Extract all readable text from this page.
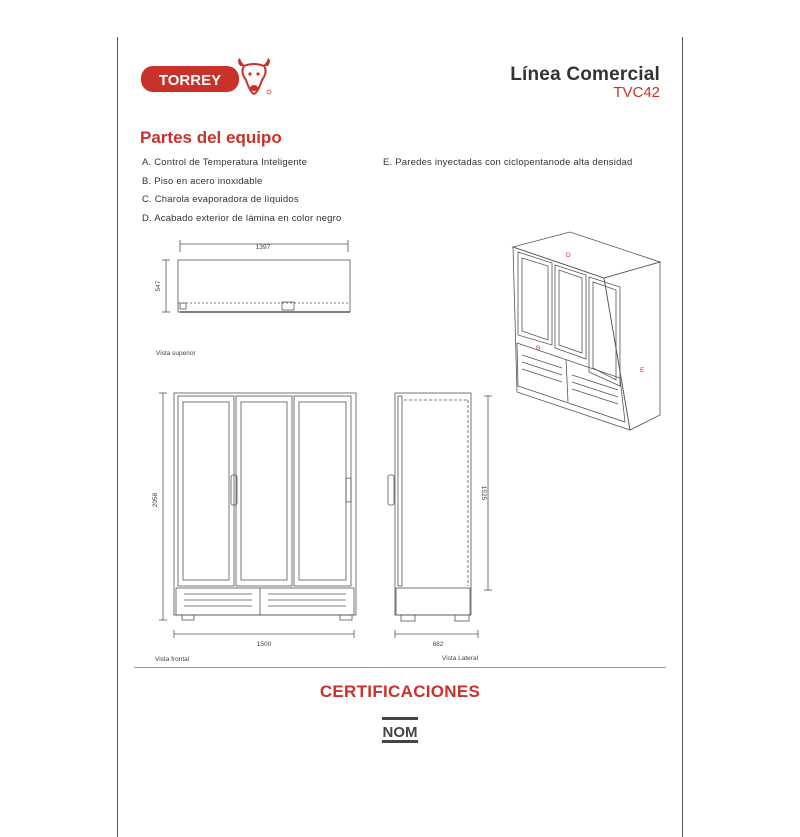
TORREY	Línea Comercial
TVC42
Partes del equipo
A. Control de Temperatura Inteligente
B. Piso en acero inoxidable
C. Charola evaporadora de líquidos
D. Acabado exterior de lámina en color negro
E. Paredes inyectadas con ciclopentanode alta densidad
D
B
E
1397
547
2058
1500
1525
682
Vista superior
Vista frontal	Vista Lateral
CERTIFICACIONES
NOM
